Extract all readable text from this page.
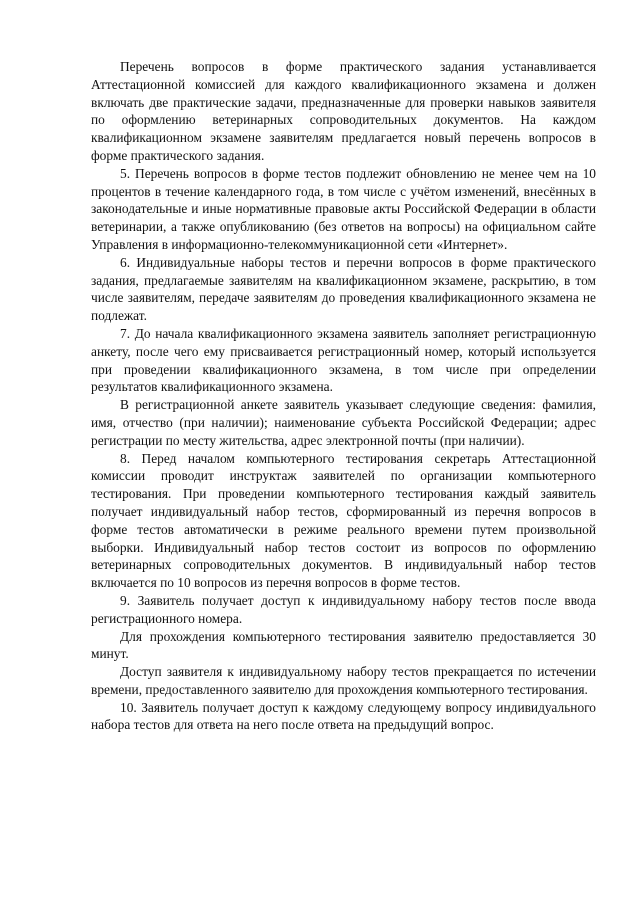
Перечень вопросов в форме практического задания устанавливается Аттестационной комиссией для каждого квалификационного экзамена и должен включать две практические задачи, предназначенные для проверки навыков заявителя по оформлению ветеринарных сопроводительных документов. На каждом квалификационном экзамене заявителям предлагается новый перечень вопросов в форме практического задания.

5. Перечень вопросов в форме тестов подлежит обновлению не менее чем на 10 процентов в течение календарного года, в том числе с учётом изменений, внесённых в законодательные и иные нормативные правовые акты Российской Федерации в области ветеринарии, а также опубликованию (без ответов на вопросы) на официальном сайте Управления в информационно-телекоммуникационной сети «Интернет».

6. Индивидуальные наборы тестов и перечни вопросов в форме практического задания, предлагаемые заявителям на квалификационном экзамене, раскрытию, в том числе заявителям, передаче заявителям до проведения квалификационного экзамена не подлежат.

7. До начала квалификационного экзамена заявитель заполняет регистрационную анкету, после чего ему присваивается регистрационный номер, который используется при проведении квалификационного экзамена, в том числе при определении результатов квалификационного экзамена.

В регистрационной анкете заявитель указывает следующие сведения: фамилия, имя, отчество (при наличии); наименование субъекта Российской Федерации; адрес регистрации по месту жительства, адрес электронной почты (при наличии).

8. Перед началом компьютерного тестирования секретарь Аттестационной комиссии проводит инструктаж заявителей по организации компьютерного тестирования. При проведении компьютерного тестирования каждый заявитель получает индивидуальный набор тестов, сформированный из перечня вопросов в форме тестов автоматически в режиме реального времени путем произвольной выборки. Индивидуальный набор тестов состоит из вопросов по оформлению ветеринарных сопроводительных документов. В индивидуальный набор тестов включается по 10 вопросов из перечня вопросов в форме тестов.

9. Заявитель получает доступ к индивидуальному набору тестов после ввода регистрационного номера.

Для прохождения компьютерного тестирования заявителю предоставляется 30 минут.

Доступ заявителя к индивидуальному набору тестов прекращается по истечении времени, предоставленного заявителю для прохождения компьютерного тестирования.

10. Заявитель получает доступ к каждому следующему вопросу индивидуального набора тестов для ответа на него после ответа на предыдущий вопрос.
